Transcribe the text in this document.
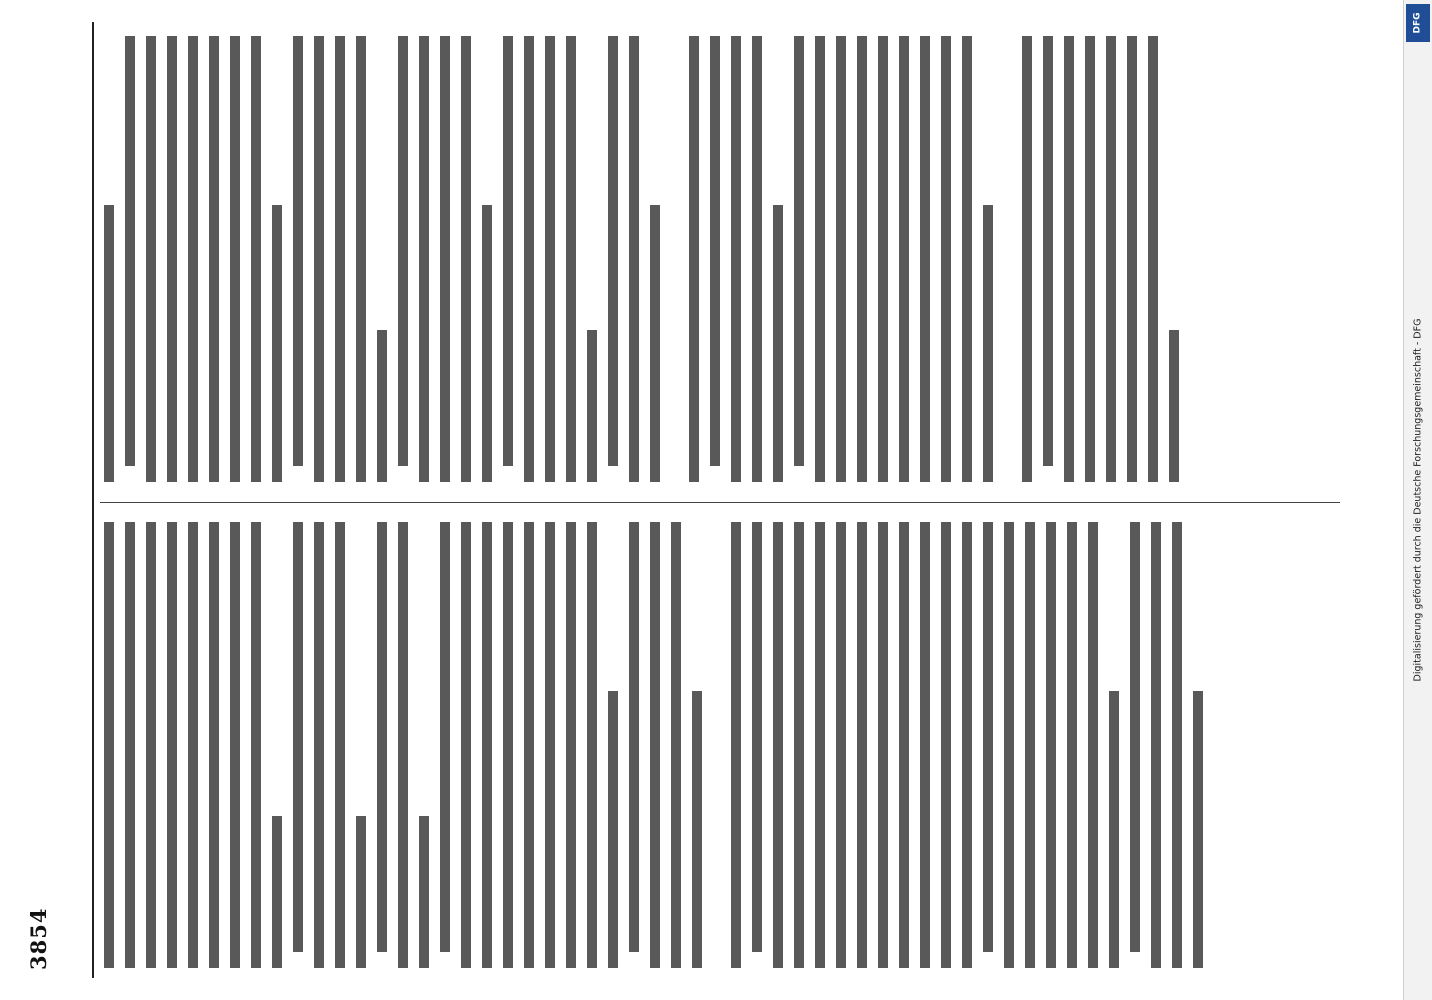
3854
DFG
Digitalisierung gefördert durch die Deutsche Forschungsgemeinschaft - DFG
